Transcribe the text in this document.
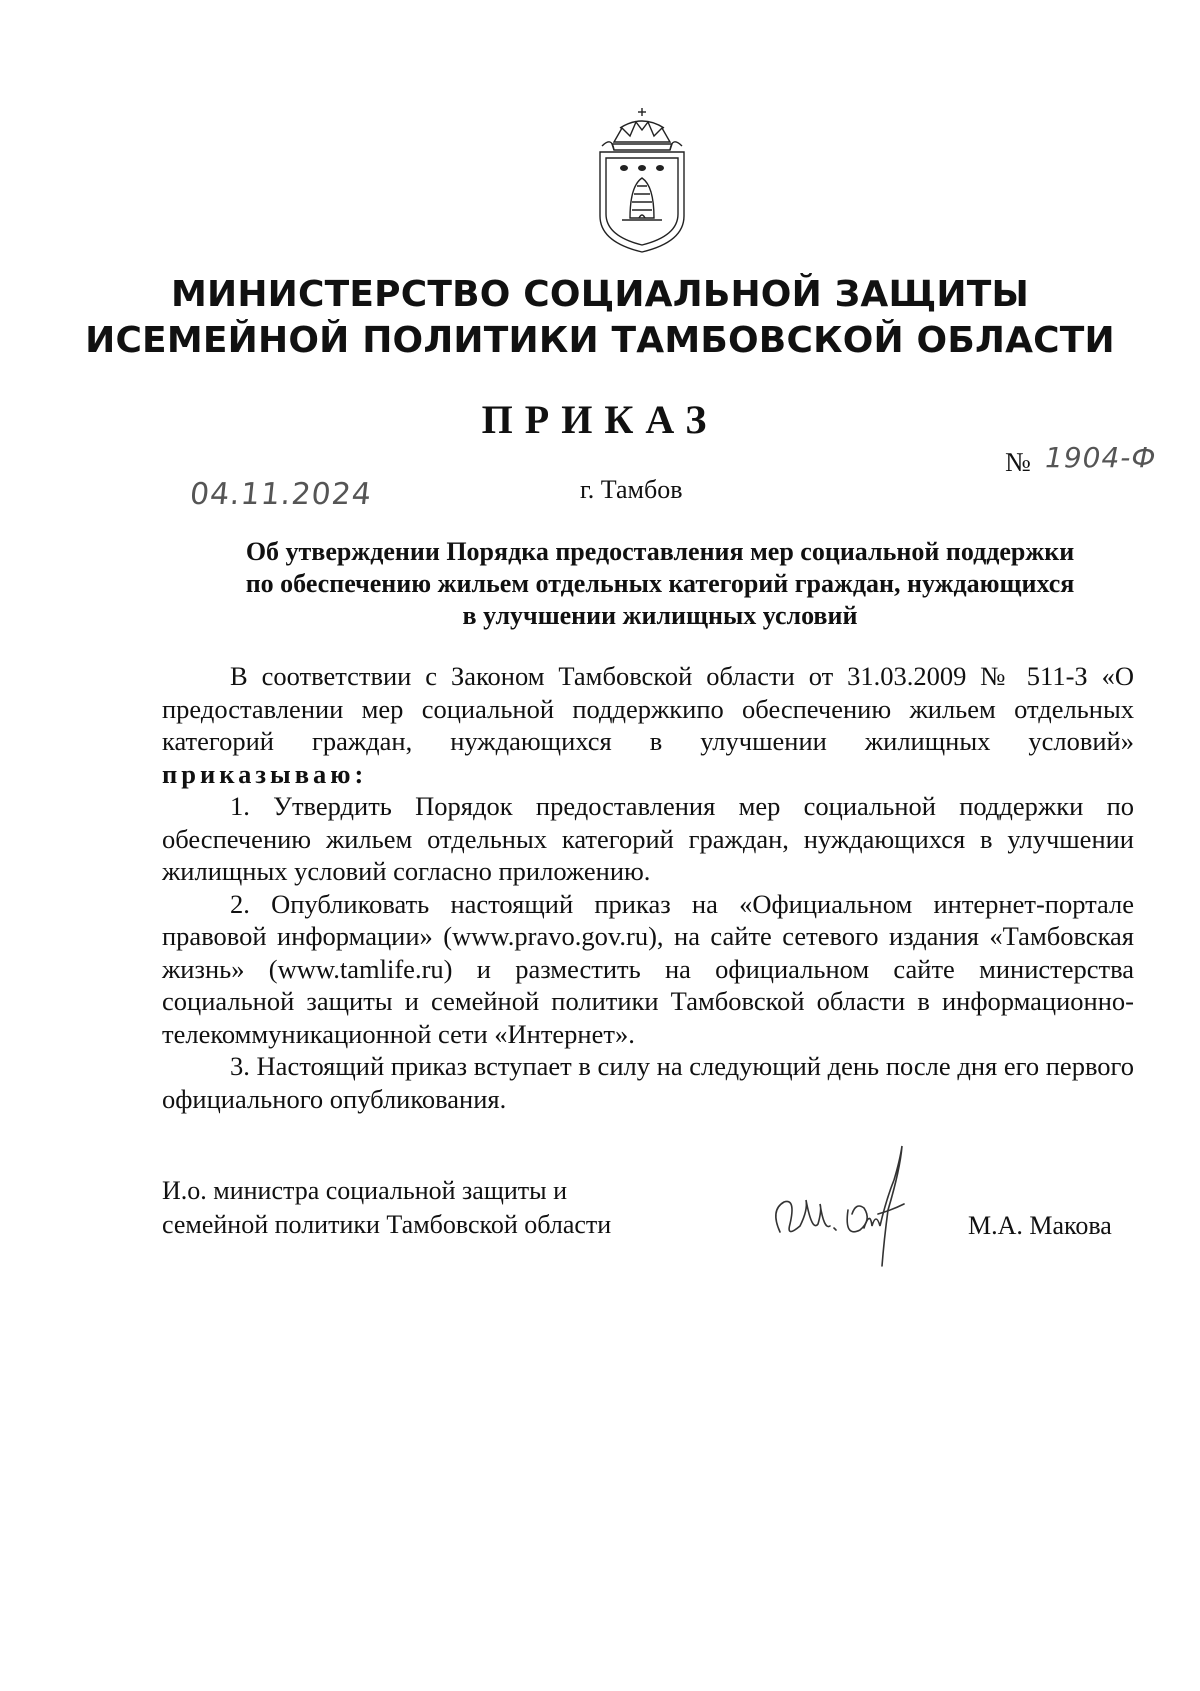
МИНИСТЕРСТВО СОЦИАЛЬНОЙ ЗАЩИТЫ
ИСЕМЕЙНОЙ ПОЛИТИКИ ТАМБОВСКОЙ ОБЛАСТИ
ПРИКАЗ
№ 1904-Ф
04.11.2024	г. Тамбов
Об утверждении Порядка предоставления мер социальной поддержки
по обеспечению жильем отдельных категорий граждан, нуждающихся
в улучшении жилищных условий

В соответствии с Законом Тамбовской области от 31.03.2009 № 511-З «О предоставлении мер социальной поддержкипо обеспечению жильем отдельных категорий граждан, нуждающихся в улучшении жилищных условий» приказываю:

1. Утвердить Порядок предоставления мер социальной поддержки по обеспечению жильем отдельных категорий граждан, нуждающихся в улучшении жилищных условий согласно приложению.

2. Опубликовать настоящий приказ на «Официальном интернет-портале правовой информации» (www.pravo.gov.ru), на сайте сетевого издания «Тамбовская жизнь» (www.tamlife.ru) и разместить на официальном сайте министерства социальной защиты и семейной политики Тамбовской области в информационно-телекоммуникационной сети «Интернет».

3. Настоящий приказ вступает в силу на следующий день после дня его первого официального опубликования.

И.о. министра социальной защиты и
семейной политики Тамбовской области	М.А. Макова
